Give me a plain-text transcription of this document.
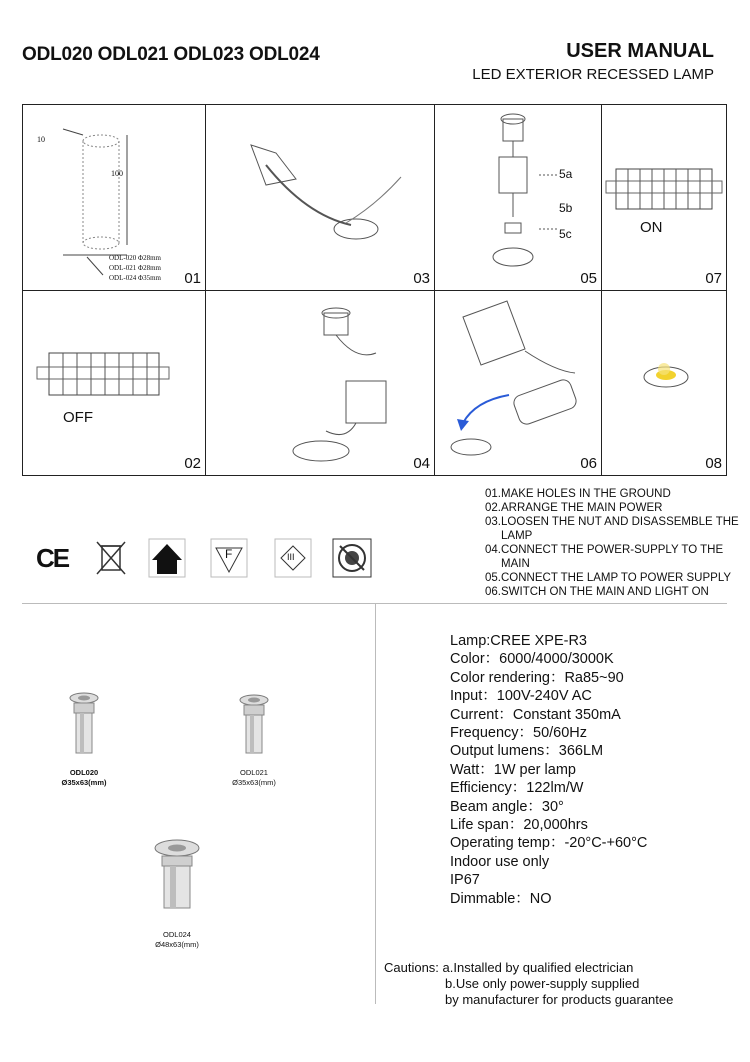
ODL020 ODL021 ODL023 ODL024	USER MANUAL
LED EXTERIOR RECESSED LAMP
10
100
ODL-020 Φ28mm
ODL-021 Φ28mm
ODL-024 Φ35mm 01	03
5a
5b
5c
05
ON
07
OFF
02	04	06	08
01.MAKE HOLES IN THE GROUND
02.ARRANGE THE MAIN POWER
03.LOOSEN THE NUT AND DISASSEMBLE THE
LAMP
04.CONNECT THE POWER-SUPPLY TO THE
MAIN
05.CONNECT THE LAMP TO POWER SUPPLY
06.SWITCH ON THE MAIN AND LIGHT ON
CE	F	III
ODL020
Ø35x63(mm)
ODL021
Ø35x63(mm)
ODL024
Ø48x63(mm)
Lamp:CREE XPE-R3
Color：6000/4000/3000K
Color rendering：Ra85~90
Input：100V-240V AC
Current：Constant 350mA
Frequency：50/60Hz
Output lumens：366LM
Watt：1W per lamp
Efficiency：122lm/W
Beam angle：30°
Life span：20,000hrs
Operating temp：-20°C-+60°C
Indoor use only
IP67
Dimmable：NO
Cautions: a.Installed by qualified electrician
b.Use only power-supply supplied
by manufacturer for products guarantee
